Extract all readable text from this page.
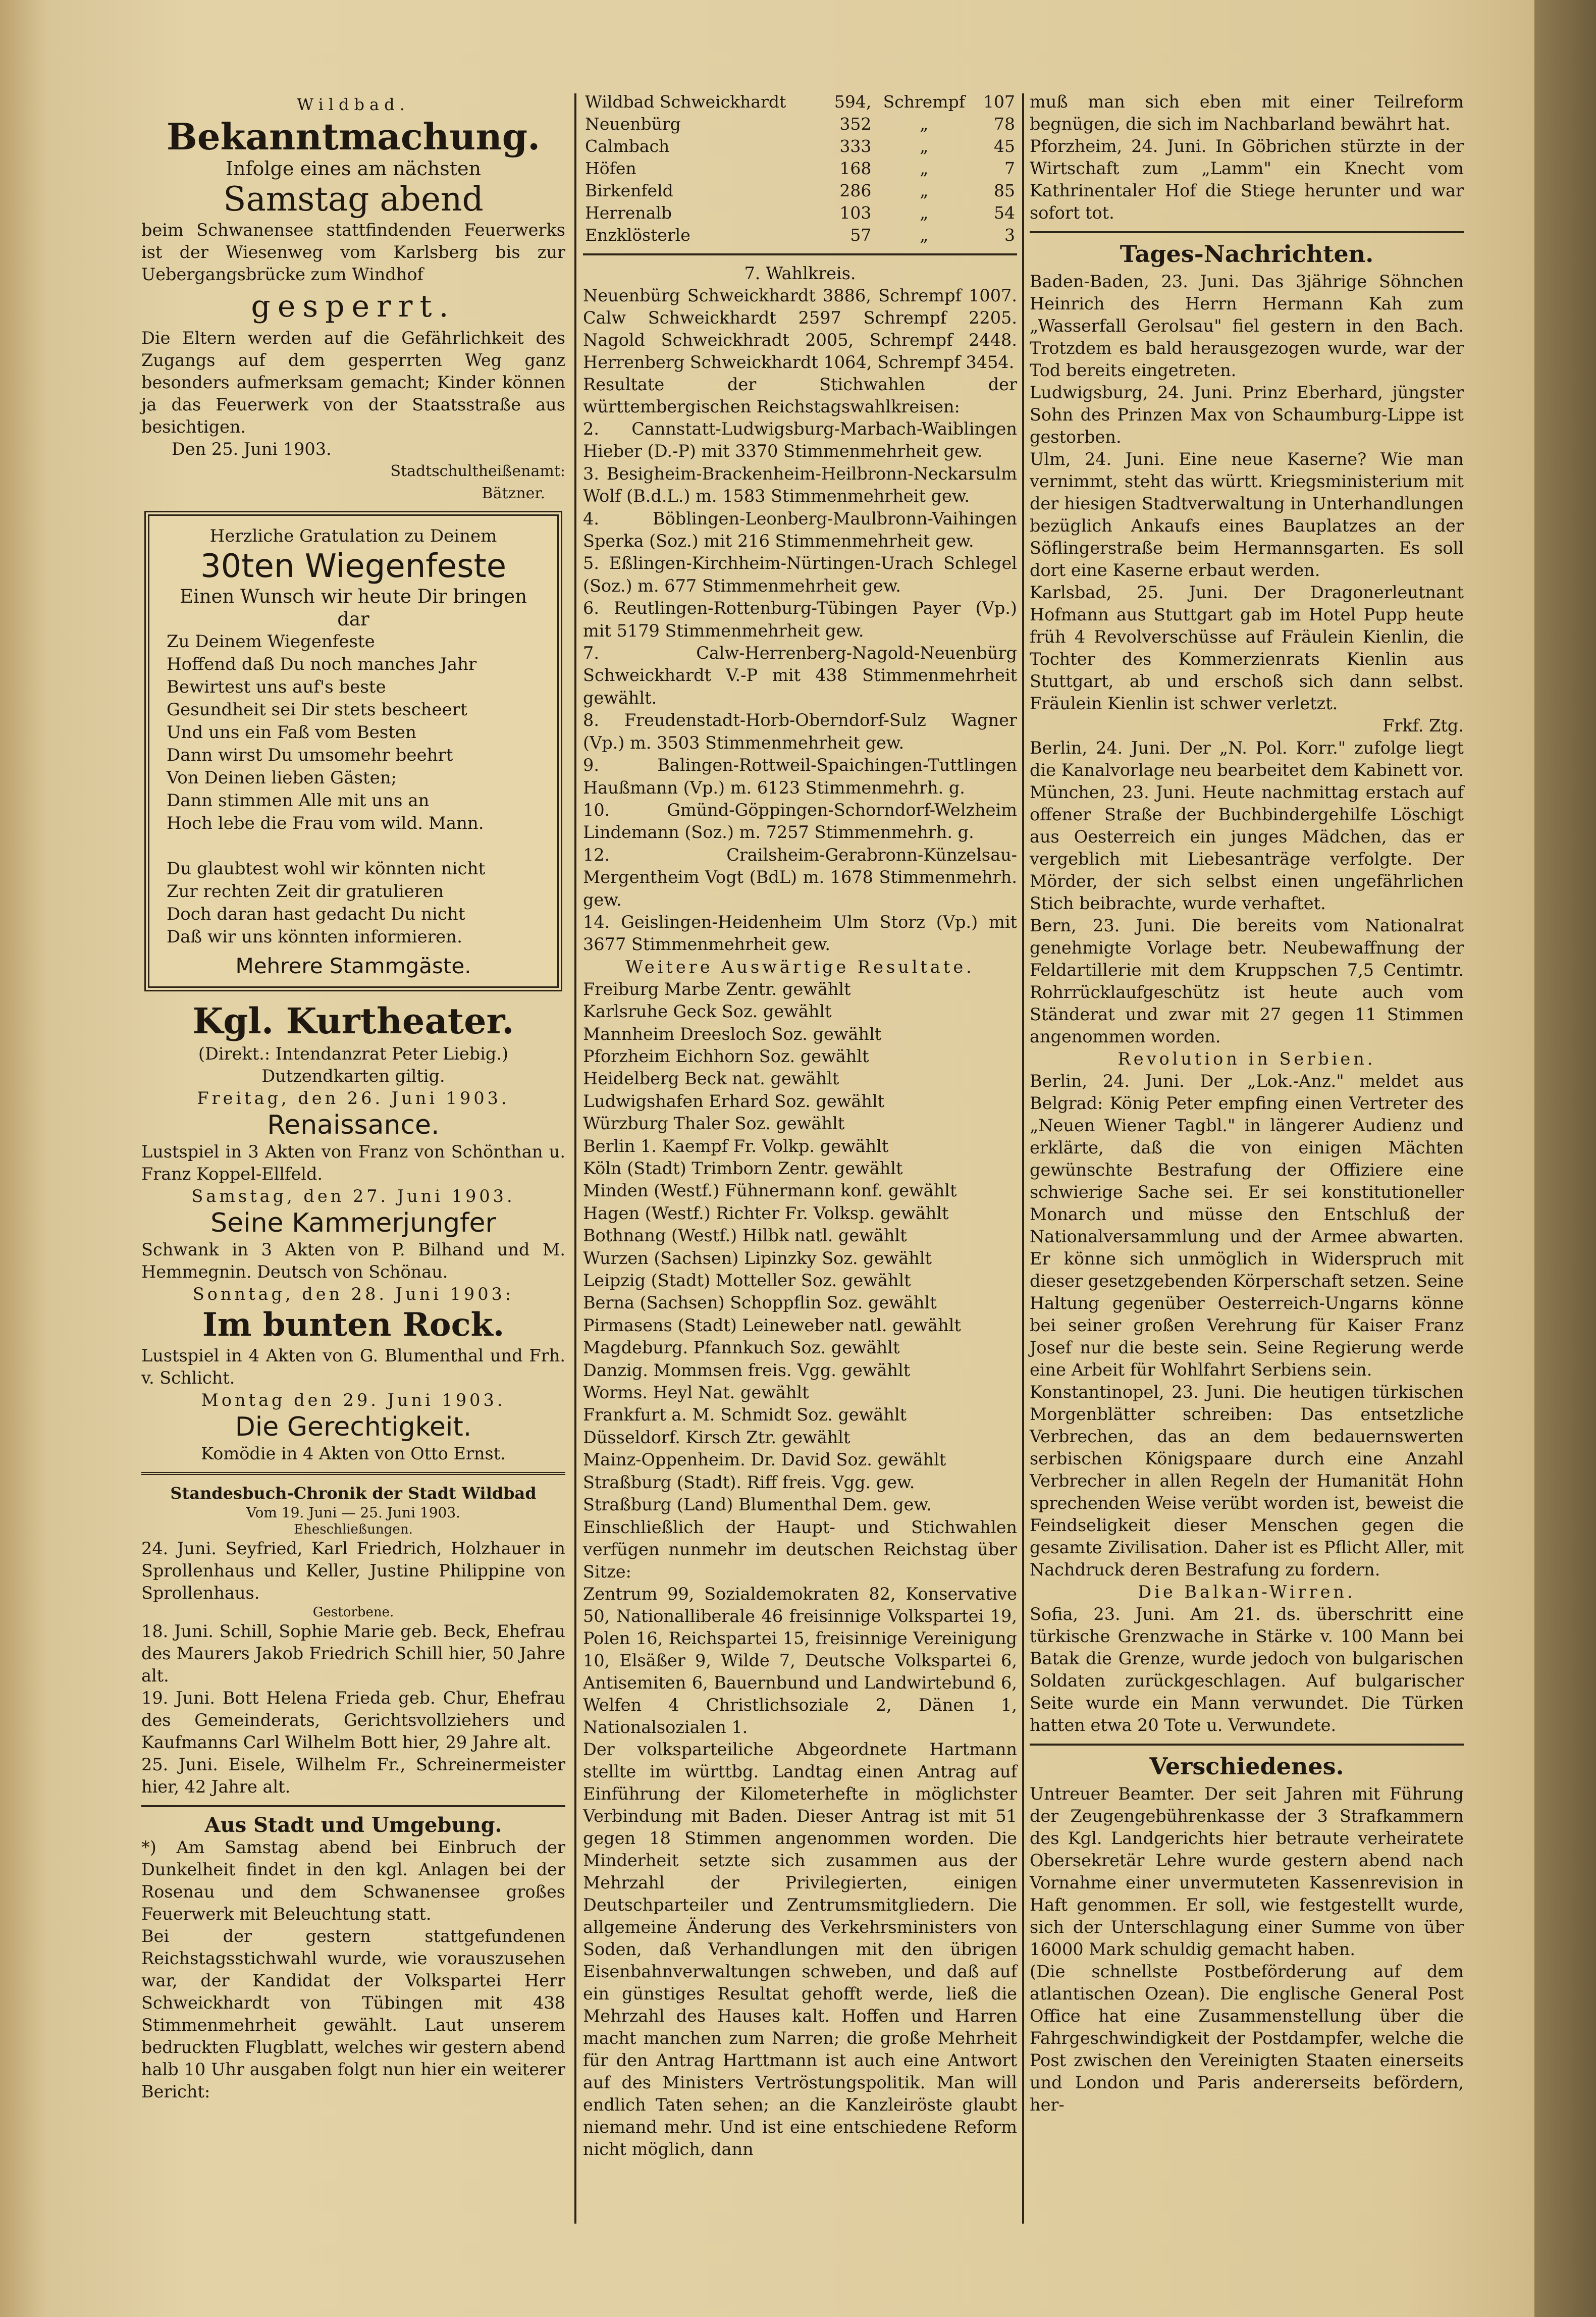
Wildbad.
Bekanntmachung.

Infolge eines am nächsten

Samstag abend

beim Schwanensee stattfindenden Feuerwerks ist der Wiesenweg vom Karlsberg bis zur Uebergangsbrücke zum Windhof

gesperrt.

Die Eltern werden auf die Gefährlichkeit des Zugangs auf dem gesperrten Weg ganz besonders aufmerksam gemacht; Kinder können ja das Feuerwerk von der Staatsstraße aus besichtigen.

Den 25. Juni 1903.

Stadtschultheißenamt:

Bätzner.

Herzliche Gratulation zu Deinem

30ten Wiegenfeste

Einen Wunsch wir heute Dir bringen dar

Zu Deinem Wiegenfeste

Hoffend daß Du noch manches Jahr

Bewirtest uns auf's beste

Gesundheit sei Dir stets bescheert

Und uns ein Faß vom Besten

Dann wirst Du umsomehr beehrt

Von Deinen lieben Gästen;

Dann stimmen Alle mit uns an

Hoch lebe die Frau vom wild. Mann.

Du glaubtest wohl wir könnten nicht

Zur rechten Zeit dir gratulieren

Doch daran hast gedacht Du nicht

Daß wir uns könnten informieren.

Mehrere Stammgäste.

Kgl. Kurtheater.

(Direkt.: Intendanzrat Peter Liebig.)

Dutzendkarten giltig.

Freitag, den 26. Juni 1903.

Renaissance.

Lustspiel in 3 Akten von Franz von Schönthan u. Franz Koppel-Ellfeld.

Samstag, den 27. Juni 1903.

Seine Kammerjungfer

Schwank in 3 Akten von P. Bilhand und M. Hemmegnin. Deutsch von Schönau.

Sonntag, den 28. Juni 1903:

Im bunten Rock.

Lustspiel in 4 Akten von G. Blumenthal und Frh. v. Schlicht.

Montag den 29. Juni 1903.

Die Gerechtigkeit.

Komödie in 4 Akten von Otto Ernst.

Standesbuch-Chronik der Stadt Wildbad

Vom 19. Juni — 25. Juni 1903.

Eheschließungen.

24. Juni. Seyfried, Karl Friedrich, Holzhauer in Sprollenhaus und Keller, Justine Philippine von Sprollenhaus.

Gestorbene.

18. Juni. Schill, Sophie Marie geb. Beck, Ehefrau des Maurers Jakob Friedrich Schill hier, 50 Jahre alt.

19. Juni. Bott Helena Frieda geb. Chur, Ehefrau des Gemeinderats, Gerichtsvollziehers und Kaufmanns Carl Wilhelm Bott hier, 29 Jahre alt.

25. Juni. Eisele, Wilhelm Fr., Schreinermeister hier, 42 Jahre alt.

Aus Stadt und Umgebung.

*) Am Samstag abend bei Einbruch der Dunkelheit findet in den kgl. Anlagen bei der Rosenau und dem Schwanensee großes Feuerwerk mit Beleuchtung statt.

Bei der gestern stattgefundenen Reichstagsstichwahl wurde, wie vorauszusehen war, der Kandidat der Volkspartei Herr Schweickhardt von Tübingen mit 438 Stimmenmehrheit gewählt. Laut unserem bedruckten Flugblatt, welches wir gestern abend halb 10 Uhr ausgaben folgt nun hier ein weiterer Bericht:

Wildbad Schweickhardt	594,	Schrempf	107
Neuenbürg	352	„	78
Calmbach	333	„	45
Höfen	168	„	7
Birkenfeld	286	„	85
Herrenalb	103	„	54
Enzklösterle	57	„	3

7. Wahlkreis.

Neuenbürg Schweickhardt 3886, Schrempf 1007. Calw Schweickhardt 2597 Schrempf 2205. Nagold Schweickhradt 2005, Schrempf 2448. Herrenberg Schweickhardt 1064, Schrempf 3454.

Resultate der Stichwahlen der württembergischen Reichstagswahlkreisen:

2. Cannstatt-Ludwigsburg-Marbach-Waiblingen Hieber (D.-P) mit 3370 Stimmenmehrheit gew.

3. Besigheim-Brackenheim-Heilbronn-Neckarsulm Wolf (B.d.L.) m. 1583 Stimmenmehrheit gew.

4. Böblingen-Leonberg-Maulbronn-Vaihingen Sperka (Soz.) mit 216 Stimmenmehrheit gew.

5. Eßlingen-Kirchheim-Nürtingen-Urach Schlegel (Soz.) m. 677 Stimmenmehrheit gew.

6. Reutlingen-Rottenburg-Tübingen Payer (Vp.) mit 5179 Stimmenmehrheit gew.

7. Calw-Herrenberg-Nagold-Neuenbürg Schweickhardt V.-P mit 438 Stimmenmehrheit gewählt.

8. Freudenstadt-Horb-Oberndorf-Sulz Wagner (Vp.) m. 3503 Stimmenmehrheit gew.

9. Balingen-Rottweil-Spaichingen-Tuttlingen Haußmann (Vp.) m. 6123 Stimmenmehrh. g.

10. Gmünd-Göppingen-Schorndorf-Welzheim Lindemann (Soz.) m. 7257 Stimmenmehrh. g.

12. Crailsheim-Gerabronn-Künzelsau-Mergentheim Vogt (BdL) m. 1678 Stimmenmehrh. gew.

14. Geislingen-Heidenheim Ulm Storz (Vp.) mit 3677 Stimmenmehrheit gew.

Weitere Auswärtige Resultate.

Freiburg Marbe Zentr. gewählt

Karlsruhe Geck Soz. gewählt

Mannheim Dreesloch Soz. gewählt

Pforzheim Eichhorn Soz. gewählt

Heidelberg Beck nat. gewählt

Ludwigshafen Erhard Soz. gewählt

Würzburg Thaler Soz. gewählt

Berlin 1. Kaempf Fr. Volkp. gewählt

Köln (Stadt) Trimborn Zentr. gewählt

Minden (Westf.) Fühnermann konf. gewählt

Hagen (Westf.) Richter Fr. Volksp. gewählt

Bothnang (Westf.) Hilbk natl. gewählt

Wurzen (Sachsen) Lipinzky Soz. gewählt

Leipzig (Stadt) Motteller Soz. gewählt

Berna (Sachsen) Schoppflin Soz. gewählt

Pirmasens (Stadt) Leineweber natl. gewählt

Magdeburg. Pfannkuch Soz. gewählt

Danzig. Mommsen freis. Vgg. gewählt

Worms. Heyl Nat. gewählt

Frankfurt a. M. Schmidt Soz. gewählt

Düsseldorf. Kirsch Ztr. gewählt

Mainz-Oppenheim. Dr. David Soz. gewählt

Straßburg (Stadt). Riff freis. Vgg. gew.

Straßburg (Land) Blumenthal Dem. gew.

Einschließlich der Haupt- und Stichwahlen verfügen nunmehr im deutschen Reichstag über Sitze:

Zentrum 99, Sozialdemokraten 82, Konservative 50, Nationalliberale 46 freisinnige Volkspartei 19, Polen 16, Reichspartei 15, freisinnige Vereinigung 10, Elsäßer 9, Wilde 7, Deutsche Volkspartei 6, Antisemiten 6, Bauernbund und Landwirtebund 6, Welfen 4 Christlichsoziale 2, Dänen 1, Nationalsozialen 1.

Der volksparteiliche Abgeordnete Hartmann stellte im württbg. Landtag einen Antrag auf Einführung der Kilometerhefte in möglichster Verbindung mit Baden. Dieser Antrag ist mit 51 gegen 18 Stimmen angenommen worden. Die Minderheit setzte sich zusammen aus der Mehrzahl der Privilegierten, einigen Deutschparteiler und Zentrumsmitgliedern. Die allgemeine Änderung des Verkehrsministers von Soden, daß Verhandlungen mit den übrigen Eisenbahnverwaltungen schweben, und daß auf ein günstiges Resultat gehofft werde, ließ die Mehrzahl des Hauses kalt. Hoffen und Harren macht manchen zum Narren; die große Mehrheit für den Antrag Harttmann ist auch eine Antwort auf des Ministers Vertröstungspolitik. Man will endlich Taten sehen; an die Kanzleiröste glaubt niemand mehr. Und ist eine entschiedene Reform nicht möglich, dann

muß man sich eben mit einer Teilreform begnügen, die sich im Nachbarland bewährt hat.

Pforzheim, 24. Juni. In Göbrichen stürzte in der Wirtschaft zum „Lamm" ein Knecht vom Kathrinentaler Hof die Stiege herunter und war sofort tot.

Tages-Nachrichten.

Baden-Baden, 23. Juni. Das 3jährige Söhnchen Heinrich des Herrn Hermann Kah zum „Wasserfall Gerolsau" fiel gestern in den Bach. Trotzdem es bald herausgezogen wurde, war der Tod bereits eingetreten.

Ludwigsburg, 24. Juni. Prinz Eberhard, jüngster Sohn des Prinzen Max von Schaumburg-Lippe ist gestorben.

Ulm, 24. Juni. Eine neue Kaserne? Wie man vernimmt, steht das württ. Kriegsministerium mit der hiesigen Stadtverwaltung in Unterhandlungen bezüglich Ankaufs eines Bauplatzes an der Söflingerstraße beim Hermannsgarten. Es soll dort eine Kaserne erbaut werden.

Karlsbad, 25. Juni. Der Dragonerleutnant Hofmann aus Stuttgart gab im Hotel Pupp heute früh 4 Revolverschüsse auf Fräulein Kienlin, die Tochter des Kommerzienrats Kienlin aus Stuttgart, ab und erschoß sich dann selbst. Fräulein Kienlin ist schwer verletzt.

Frkf. Ztg.

Berlin, 24. Juni. Der „N. Pol. Korr." zufolge liegt die Kanalvorlage neu bearbeitet dem Kabinett vor.

München, 23. Juni. Heute nachmittag erstach auf offener Straße der Buchbindergehilfe Löschigt aus Oesterreich ein junges Mädchen, das er vergeblich mit Liebesanträge verfolgte. Der Mörder, der sich selbst einen ungefährlichen Stich beibrachte, wurde verhaftet.

Bern, 23. Juni. Die bereits vom Nationalrat genehmigte Vorlage betr. Neubewaffnung der Feldartillerie mit dem Kruppschen 7,5 Centimtr. Rohrrücklaufgeschütz ist heute auch vom Ständerat und zwar mit 27 gegen 11 Stimmen angenommen worden.

Revolution in Serbien.

Berlin, 24. Juni. Der „Lok.-Anz." meldet aus Belgrad: König Peter empfing einen Vertreter des „Neuen Wiener Tagbl." in längerer Audienz und erklärte, daß die von einigen Mächten gewünschte Bestrafung der Offiziere eine schwierige Sache sei. Er sei konstitutioneller Monarch und müsse den Entschluß der Nationalversammlung und der Armee abwarten. Er könne sich unmöglich in Widerspruch mit dieser gesetzgebenden Körperschaft setzen. Seine Haltung gegenüber Oesterreich-Ungarns könne bei seiner großen Verehrung für Kaiser Franz Josef nur die beste sein. Seine Regierung werde eine Arbeit für Wohlfahrt Serbiens sein.

Konstantinopel, 23. Juni. Die heutigen türkischen Morgenblätter schreiben: Das entsetzliche Verbrechen, das an dem bedauernswerten serbischen Königspaare durch eine Anzahl Verbrecher in allen Regeln der Humanität Hohn sprechenden Weise verübt worden ist, beweist die Feindseligkeit dieser Menschen gegen die gesamte Zivilisation. Daher ist es Pflicht Aller, mit Nachdruck deren Bestrafung zu fordern.

Die Balkan-Wirren.

Sofia, 23. Juni. Am 21. ds. überschritt eine türkische Grenzwache in Stärke v. 100 Mann bei Batak die Grenze, wurde jedoch von bulgarischen Soldaten zurückgeschlagen. Auf bulgarischer Seite wurde ein Mann verwundet. Die Türken hatten etwa 20 Tote u. Verwundete.

Verschiedenes.

Untreuer Beamter. Der seit Jahren mit Führung der Zeugengebührenkasse der 3 Strafkammern des Kgl. Landgerichts hier betraute verheiratete Obersekretär Lehre wurde gestern abend nach Vornahme einer unvermuteten Kassenrevision in Haft genommen. Er soll, wie festgestellt wurde, sich der Unterschlagung einer Summe von über 16000 Mark schuldig gemacht haben.

(Die schnellste Postbeförderung auf dem atlantischen Ozean). Die englische General Post Office hat eine Zusammenstellung über die Fahrgeschwindigkeit der Postdampfer, welche die Post zwischen den Vereinigten Staaten einerseits und London und Paris andererseits befördern, her-
